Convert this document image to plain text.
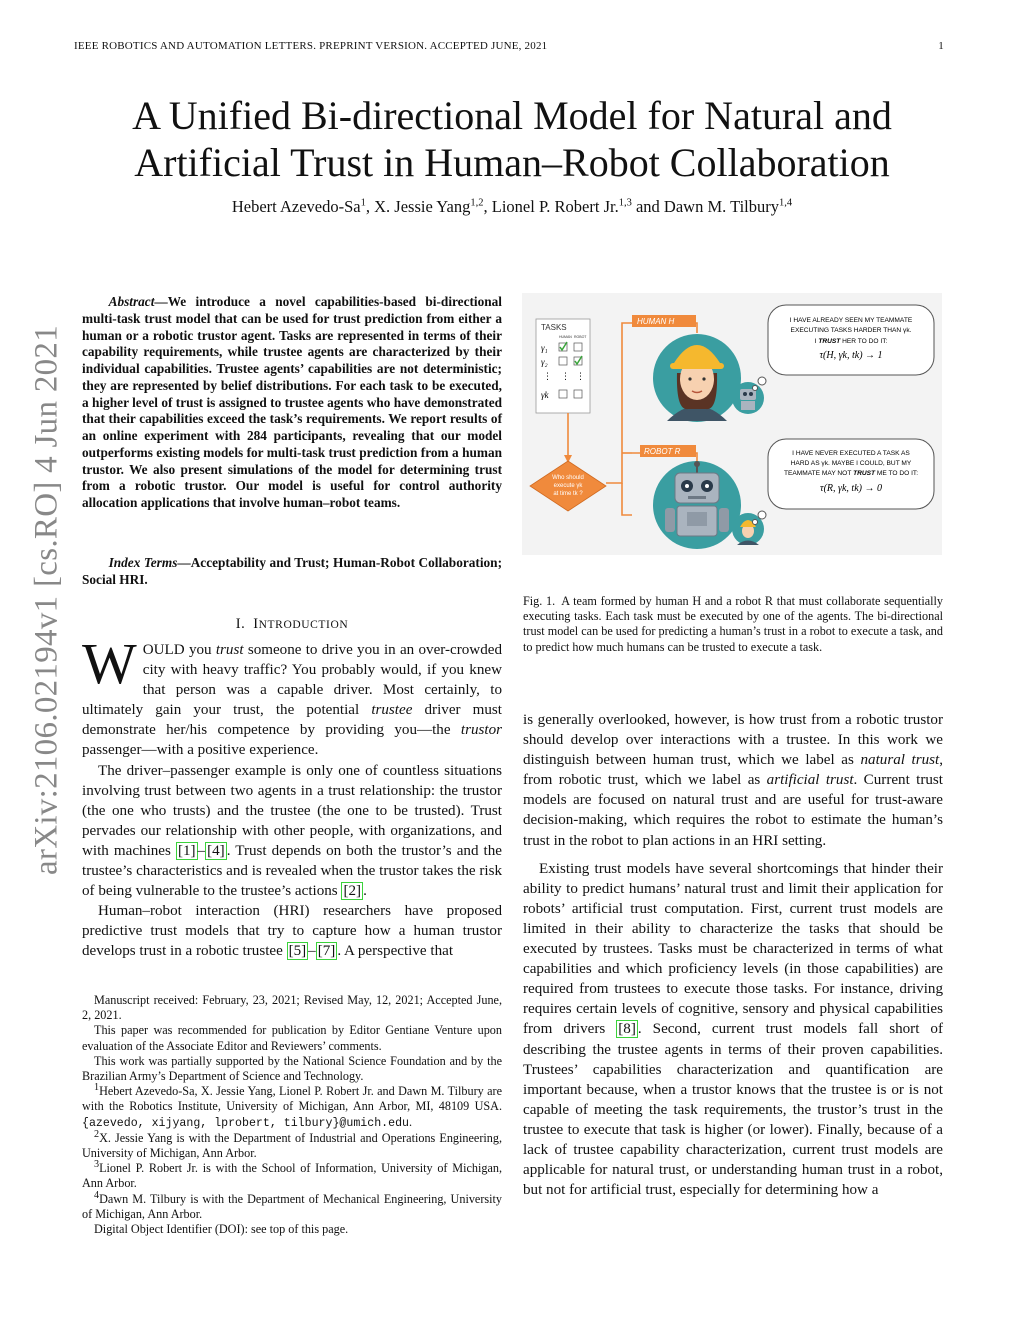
IEEE ROBOTICS AND AUTOMATION LETTERS. PREPRINT VERSION. ACCEPTED JUNE, 2021	1
arXiv:2106.02194v1 [cs.RO] 4 Jun 2021
A Unified Bi-directional Model for Natural and
Artificial Trust in Human–Robot Collaboration
Hebert Azevedo-Sa$^1$, X. Jessie Yang$^{1,2}$, Lionel P. Robert Jr.$^{1,3}$ and Dawn M. Tilbury$^{1,4}$
  Abstract—We introduce a novel capabilities-based bi-directional multi-task trust model that can be used for trust prediction from either a human or a robotic trustor agent. Tasks are represented in terms of their capability requirements, while trustee agents are characterized by their individual capabilities. Trustee agents’ capabilities are not deterministic; they are represented by belief distributions. For each task to be executed, a higher level of trust is assigned to trustee agents who have demonstrated that their capabilities exceed the task’s requirements. We report results of an online experiment with 284 participants, revealing that our model outperforms existing models for multi-task trust prediction from a human trustor. We also present simulations of the model for determining trust from a robotic trustor. Our model is useful for control authority allocation applications that involve human–robot teams.
  Index Terms—Acceptability and Trust; Human-Robot Collaboration; Social HRI.
I.  INTRODUCTION

WOULD you trust someone to drive you in an over-crowded city with heavy traffic? You probably would, if you knew that person was a capable driver. Most certainly, to ultimately gain your trust, the potential trustee driver must demonstrate her/his competence by providing you—the trustor passenger—with a positive experience.

The driver–passenger example is only one of countless situations involving trust between two agents in a trust relationship: the trustor (the one who trusts) and the trustee (the one to be trusted). Trust pervades our relationship with other people, with organizations, and with machines [1] – [4] . Trust depends on both the trustor’s and the trustee’s characteristics and is revealed when the trustor takes the risk of being vulnerable to the trustee’s actions [2] .

Human–robot interaction (HRI) researchers have proposed predictive trust models that try to capture how a human trustor develops trust in a robotic trustee [5] – [7] . A perspective that

Manuscript received: February, 23, 2021; Revised May, 12, 2021; Accepted June, 2, 2021.

This paper was recommended for publication by Editor Gentiane Venture upon evaluation of the Associate Editor and Reviewers’ comments.

This work was partially supported by the National Science Foundation and by the Brazilian Army’s Department of Science and Technology.

$^1$Hebert Azevedo-Sa, X. Jessie Yang, Lionel P. Robert Jr. and Dawn M. Tilbury are with the Robotics Institute, University of Michigan, Ann Arbor, MI, 48109 USA. {azevedo, xijyang, lprobert, tilbury}@umich.edu.

$^2$X. Jessie Yang is with the Department of Industrial and Operations Engineering, University of Michigan, Ann Arbor.

$^3$Lionel P. Robert Jr. is with the School of Information, University of Michigan, Ann Arbor.

$^4$Dawn M. Tilbury is with the Department of Mechanical Engineering, University of Michigan, Ann Arbor.

Digital Object Identifier (DOI): see top of this page.

TASKS
HUMAN ROBOT
γ₁
γ₂
⋮ ⋮ ⋮
γk
Who should
execute γk
at time tk ?
HUMAN H
ROBOT R
I HAVE ALREADY SEEN MY TEAMMATE
EXECUTING TASKS HARDER THAN γk.
I TRUST HER TO DO IT:
τ(H, γk, tk) → 1
I HAVE NEVER EXECUTED A TASK AS
HARD AS γk. MAYBE I COULD, BUT MY
TEAMMATE MAY NOT TRUST ME TO DO IT:
τ(R, γk, tk) → 0
Fig. 1.  A team formed by human H and a robot R that must collaborate sequentially executing tasks. Each task must be executed by one of the agents. The bi-directional trust model can be used for predicting a human’s trust in a robot to execute a task, and to predict how much humans can be trusted to execute a task.

is generally overlooked, however, is how trust from a robotic trustor should develop over interactions with a trustee. In this work we distinguish between human trust, which we label as natural trust, from robotic trust, which we label as artificial trust. Current trust models are focused on natural trust and are useful for trust-aware decision-making, which requires the robot to estimate the human’s trust in the robot to plan actions in an HRI setting.

Existing trust models have several shortcomings that hinder their ability to predict humans’ natural trust and limit their application for robots’ artificial trust computation. First, current trust models are limited in their ability to characterize the tasks that should be executed by trustees. Tasks must be characterized in terms of what capabilities and which proficiency levels (in those capabilities) are required from trustees to execute those tasks. For instance, driving requires certain levels of cognitive, sensory and physical capabilities from drivers [8] . Second, current trust models fall short of describing the trustee agents in terms of their proven capabilities. Trustees’ capabilities characterization and quantification are important because, when a trustor knows that the trustee is or is not capable of meeting the task requirements, the trustor’s trust in the trustee to execute that task is higher (or lower). Finally, because of a lack of trustee capability characterization, current trust models are applicable for natural trust, or understanding human trust in a robot, but not for artificial trust, especially for determining how a
